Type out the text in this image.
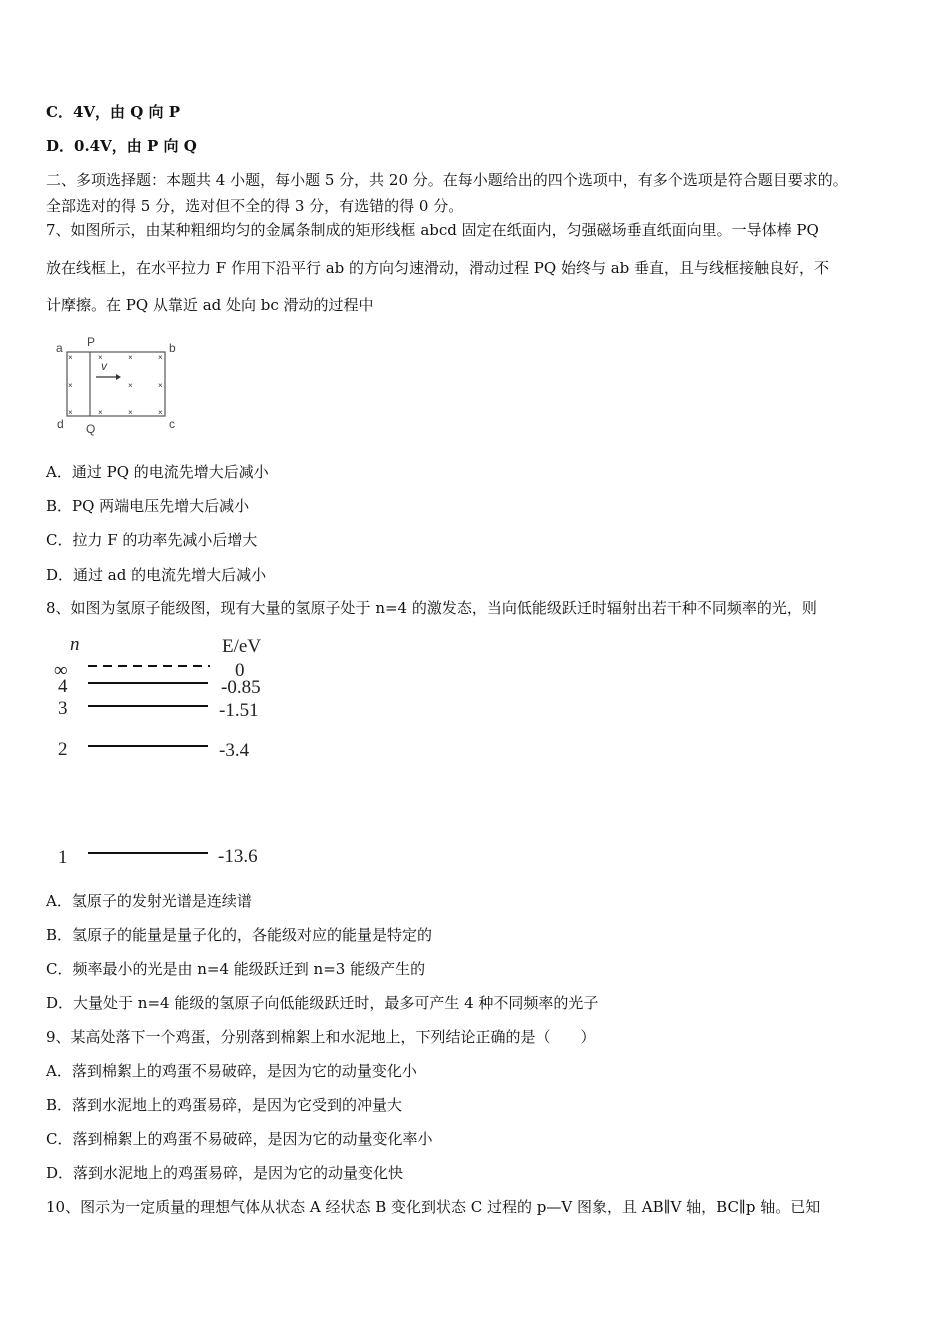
C．4V，由 Q 向 P
D．0.4V，由 P 向 Q
二、多项选择题：本题共 4 小题，每小题 5 分，共 20 分。在每小题给出的四个选项中，有多个选项是符合题目要求的。
全部选对的得 5 分，选对但不全的得 3 分，有选错的得 0 分。
7、如图所示，由某种粗细均匀的金属条制成的矩形线框 abcd 固定在纸面内，匀强磁场垂直纸面向里。一导体棒 PQ
放在线框上，在水平拉力 F 作用下沿平行 ab 的方向匀速滑动，滑动过程 PQ 始终与 ab 垂直，且与线框接触良好，不
计摩擦。在 PQ 从靠近 ad 处向 bc 滑动的过程中
a P	b
d Q	c
v
×	×	×	×
×	×	×
×	×	×	×
A．通过 PQ 的电流先增大后减小
B．PQ 两端电压先增大后减小
C．拉力 F 的功率先减小后增大
D．通过 ad 的电流先增大后减小
8、如图为氢原子能级图，现有大量的氢原子处于 n=4 的激发态，当向低能级跃迁时辐射出若干种不同频率的光，则
n	E/eV
∞	0
4	-0.85
3	-1.51
2	-3.4
1	-13.6
A．氢原子的发射光谱是连续谱
B．氢原子的能量是量子化的，各能级对应的能量是特定的
C．频率最小的光是由 n=4 能级跃迁到 n=3 能级产生的
D．大量处于 n=4 能级的氢原子向低能级跃迁时，最多可产生 4 种不同频率的光子
9、某高处落下一个鸡蛋，分别落到棉絮上和水泥地上，下列结论正确的是（　　）
A．落到棉絮上的鸡蛋不易破碎，是因为它的动量变化小
B．落到水泥地上的鸡蛋易碎，是因为它受到的冲量大
C．落到棉絮上的鸡蛋不易破碎，是因为它的动量变化率小
D．落到水泥地上的鸡蛋易碎，是因为它的动量变化快
10、图示为一定质量的理想气体从状态 A 经状态 B 变化到状态 C 过程的 p—V 图象，且 AB∥V 轴，BC∥p 轴。已知
